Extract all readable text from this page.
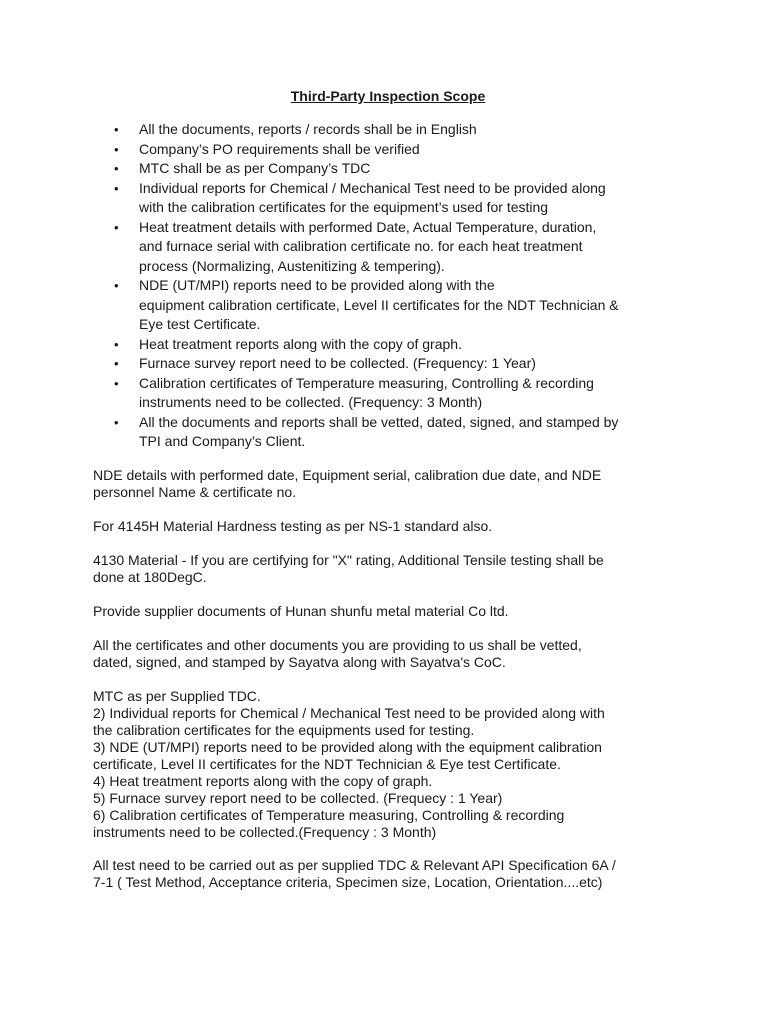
Third-Party Inspection Scope
• All the documents, reports / records shall be in English
• Company’s PO requirements shall be verified
• MTC shall be as per Company’s TDC
• Individual reports for Chemical / Mechanical Test need to be provided along
with the calibration certificates for the equipment’s used for testing
• Heat treatment details with performed Date, Actual Temperature, duration,
and furnace serial with calibration certificate no. for each heat treatment
process (Normalizing, Austenitizing & tempering).
• NDE (UT/MPI) reports need to be provided along with the
equipment calibration certificate, Level II certificates for the NDT Technician &
Eye test Certificate.
• Heat treatment reports along with the copy of graph.
• Furnace survey report need to be collected. (Frequency: 1 Year)
• Calibration certificates of Temperature measuring, Controlling & recording
instruments need to be collected. (Frequency: 3 Month)
• All the documents and reports shall be vetted, dated, signed, and stamped by
TPI and Company’s Client.
NDE details with performed date, Equipment serial, calibration due date, and NDE
personnel Name & certificate no.
For 4145H Material Hardness testing as per NS-1 standard also.
4130 Material - If you are certifying for "X" rating, Additional Tensile testing shall be
done at 180DegC.
Provide supplier documents of Hunan shunfu metal material Co ltd.
All the certificates and other documents you are providing to us shall be vetted,
dated, signed, and stamped by Sayatva along with Sayatva's CoC.
MTC as per Supplied TDC.
2) Individual reports for Chemical / Mechanical Test need to be provided along with
the calibration certificates for the equipments used for testing.
3) NDE (UT/MPI) reports need to be provided along with the equipment calibration
certificate, Level II certificates for the NDT Technician & Eye test Certificate.
4) Heat treatment reports along with the copy of graph.
5) Furnace survey report need to be collected. (Frequecy : 1 Year)
6) Calibration certificates of Temperature measuring, Controlling & recording
instruments need to be collected.(Frequency : 3 Month)
All test need to be carried out as per supplied TDC & Relevant API Specification 6A /
7-1 ( Test Method, Acceptance criteria, Specimen size, Location, Orientation....etc)
